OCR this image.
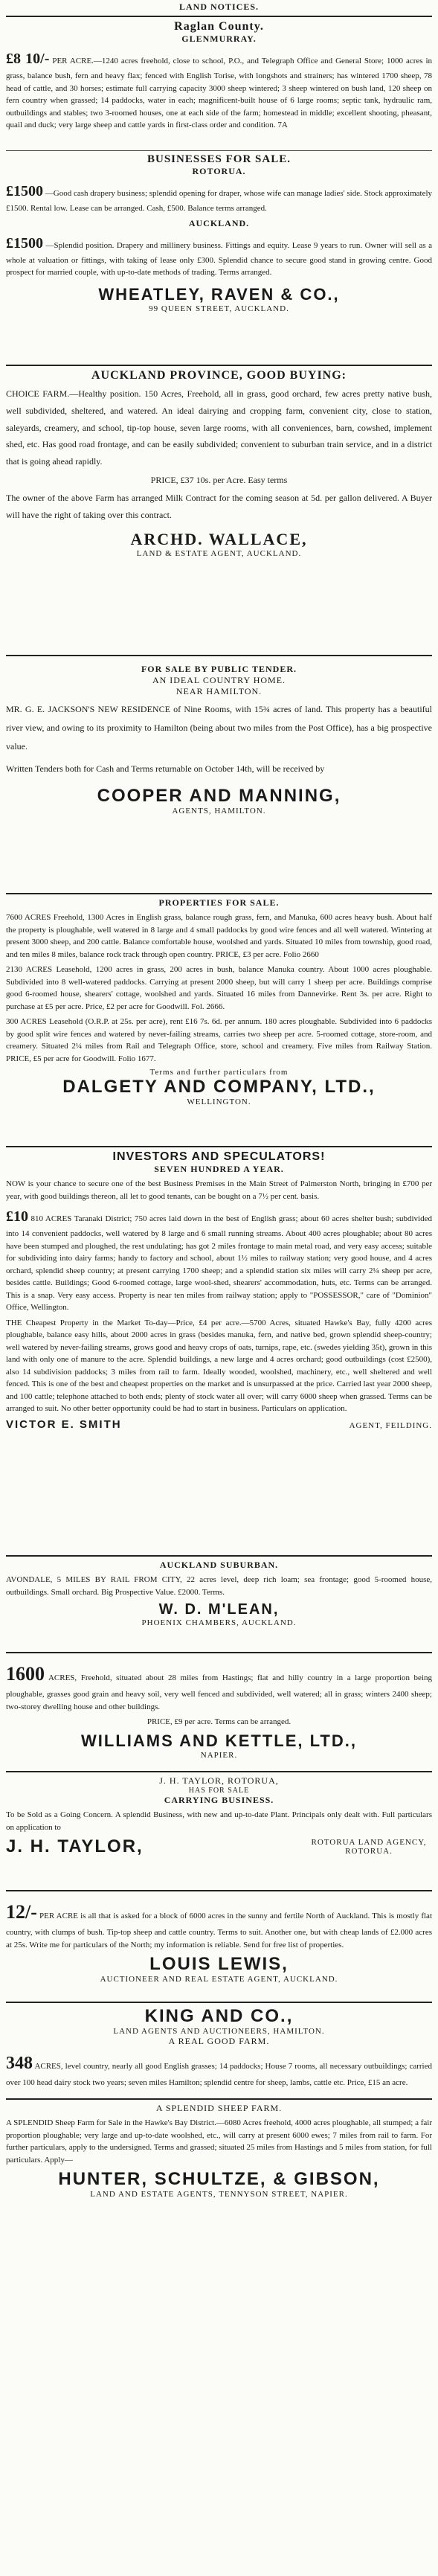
LAND NOTICES.
Raglan County.
GLENMURRAY.

£8 10/- PER ACRE.—1240 acres freehold, close to school, P.O., and Telegraph Office and General Store; 1000 acres in grass, balance bush, fern and heavy flax; fenced with English Torise, with longshots and strainers; has wintered 1700 sheep, 78 head of cattle, and 30 horses; estimate full carrying capacity 3000 sheep wintered; 3 sheep wintered on bush land, 120 sheep on fern country when grassed; 14 paddocks, water in each; magnificent-built house of 6 large rooms; septic tank, hydraulic ram, outbuildings and stables; two 3-roomed houses, one at each side of the farm; homestead in middle; excellent shooting, pheasant, quail and duck; very large sheep and cattle yards in first-class order and condition. 7A

BUSINESSES FOR SALE.
ROTORUA.

£1500 —Good cash drapery business; splendid opening for draper, whose wife can manage ladies' side. Stock approximately £1500. Rental low. Lease can be arranged. Cash, £500. Balance terms arranged.

AUCKLAND.

£1500 —Splendid position. Drapery and millinery business. Fittings and equity. Lease 9 years to run. Owner will sell as a whole at valuation or fittings, with taking of lease only £300. Splendid chance to secure good stand in growing centre. Good prospect for married couple, with up-to-date methods of trading. Terms arranged.

WHEATLEY, RAVEN & CO.,
99 QUEEN STREET, AUCKLAND.
AUCKLAND PROVINCE, GOOD BUYING:

CHOICE FARM.—Healthy position. 150 Acres, Freehold, all in grass, good orchard, few acres pretty native bush, well subdivided, sheltered, and watered. An ideal dairying and cropping farm, convenient city, close to station, saleyards, creamery, and school, tip-top house, seven large rooms, with all conveniences, barn, cowshed, implement shed, etc. Has good road frontage, and can be easily subdivided; convenient to suburban train service, and in a district that is going ahead rapidly.

PRICE, £37 10s. per Acre. Easy terms

The owner of the above Farm has arranged Milk Contract for the coming season at 5d. per gallon delivered. A Buyer will have the right of taking over this contract.

ARCHD. WALLACE,
LAND & ESTATE AGENT, AUCKLAND.
FOR SALE BY PUBLIC TENDER.
AN IDEAL COUNTRY HOME.
NEAR HAMILTON.

MR. G. E. JACKSON'S NEW RESIDENCE of Nine Rooms, with 15¾ acres of land. This property has a beautiful river view, and owing to its proximity to Hamilton (being about two miles from the Post Office), has a big prospective value.

Written Tenders both for Cash and Terms returnable on October 14th, will be received by

COOPER AND MANNING,
AGENTS, HAMILTON.
PROPERTIES FOR SALE.

7600 ACRES Freehold, 1300 Acres in English grass, balance rough grass, fern, and Manuka, 600 acres heavy bush. About half the property is ploughable, well watered in 8 large and 4 small paddocks by good wire fences and all well watered. Wintering at present 3000 sheep, and 200 cattle. Balance comfortable house, woolshed and yards. Situated 10 miles from township, good road, and ten miles 8 miles, balance rock track through open country. PRICE, £3 per acre. Folio 2660

2130 ACRES Leasehold, 1200 acres in grass, 200 acres in bush, balance Manuka country. About 1000 acres ploughable. Subdivided into 8 well-watered paddocks. Carrying at present 2000 sheep, but will carry 1 sheep per acre. Buildings comprise good 6-roomed house, shearers' cottage, woolshed and yards. Situated 16 miles from Dannevirke. Rent 3s. per acre. Right to purchase at £5 per acre. Price, £2 per acre for Goodwill. Fol. 2666.

300 ACRES Leasehold (O.R.P. at 25s. per acre), rent £16 7s. 6d. per annum. 180 acres ploughable. Subdivided into 6 paddocks by good split wire fences and watered by never-failing streams, carries two sheep per acre. 5-roomed cottage, store-room, and creamery. Situated 2¼ miles from Rail and Telegraph Office, store, school and creamery. Five miles from Railway Station. PRICE, £5 per acre for Goodwill. Folio 1677.

Terms and further particulars from
DALGETY AND COMPANY, LTD.,
WELLINGTON.
INVESTORS AND SPECULATORS!
SEVEN HUNDRED A YEAR.

NOW is your chance to secure one of the best Business Premises in the Main Street of Palmerston North, bringing in £700 per year, with good buildings thereon, all let to good tenants, can be bought on a 7½ per cent. basis.

£10 810 ACRES Taranaki District; 750 acres laid down in the best of English grass; about 60 acres shelter bush; subdivided into 14 convenient paddocks, well watered by 8 large and 6 small running streams. About 400 acres ploughable; about 80 acres have been stumped and ploughed, the rest undulating; has got 2 miles frontage to main metal road, and very easy access; suitable for subdividing into dairy farms; handy to factory and school, about 1½ miles to railway station; very good house, and 4 acres orchard, splendid sheep country; at present carrying 1700 sheep; and a splendid station six miles will carry 2¼ sheep per acre, besides cattle. Buildings; Good 6-roomed cottage, large wool-shed, shearers' accommodation, huts, etc. Terms can be arranged. This is a snap. Very easy access. Property is near ten miles from railway station; apply to "POSSESSOR," care of "Dominion" Office, Wellington.

THE Cheapest Property in the Market To-day—Price, £4 per acre.—5700 Acres, situated Hawke's Bay, fully 4200 acres ploughable, balance easy hills, about 2000 acres in grass (besides manuka, fern, and native bed, grown splendid sheep-country; well watered by never-failing streams, grows good and heavy crops of oats, turnips, rape, etc. (swedes yielding 35t), grown in this land with only one of manure to the acre. Splendid buildings, a new large and 4 acres orchard; good outbuildings (cost £2500), also 14 subdivision paddocks; 3 miles from rail to farm. Ideally wooded, woolshed, machinery, etc., well sheltered and well fenced. This is one of the best and cheapest properties on the market and is unsurpassed at the price. Carried last year 2000 sheep, and 100 cattle; telephone attached to both ends; plenty of stock water all over; will carry 6000 sheep when grassed. Terms can be arranged to suit. No other better opportunity could be had to start in business. Particulars on application.

VICTOR E. SMITH	AGENT, FEILDING.
AUCKLAND SUBURBAN.

AVONDALE, 5 MILES BY RAIL FROM CITY, 22 acres level, deep rich loam; sea frontage; good 5-roomed house, outbuildings. Small orchard. Big Prospective Value. £2000. Terms.

W. D. M'LEAN,
PHOENIX CHAMBERS, AUCKLAND.

1600 ACRES, Freehold, situated about 28 miles from Hastings; flat and hilly country in a large proportion being ploughable, grasses good grain and heavy soil, very well fenced and subdivided, well watered; all in grass; winters 2400 sheep; two-storey dwelling house and other buildings.

PRICE, £9 per acre. Terms can be arranged.

WILLIAMS AND KETTLE, LTD.,
NAPIER.
J. H. TAYLOR, ROTORUA,
HAS FOR SALE
CARRYING BUSINESS.

To be Sold as a Going Concern. A splendid Business, with new and up-to-date Plant. Principals only dealt with. Full particulars on application to

J. H. TAYLOR,	ROTORUA LAND AGENCY, ROTORUA.

12/- PER ACRE is all that is asked for a block of 6000 acres in the sunny and fertile North of Auckland. This is mostly flat country, with clumps of bush. Tip-top sheep and cattle country. Terms to suit. Another one, but with cheap lands of £2.000 acres at 25s. Write me for particulars of the North; my information is reliable. Send for free list of properties.

LOUIS LEWIS,
AUCTIONEER AND REAL ESTATE AGENT, AUCKLAND.
KING AND CO.,
LAND AGENTS AND AUCTIONEERS, HAMILTON.
A REAL GOOD FARM.

348 ACRES, level country, nearly all good English grasses; 14 paddocks; House 7 rooms, all necessary outbuildings; carried over 100 head dairy stock two years; seven miles Hamilton; splendid centre for sheep, lambs, cattle etc. Price, £15 an acre.

A SPLENDID SHEEP FARM.

A SPLENDID Sheep Farm for Sale in the Hawke's Bay District.—6080 Acres freehold, 4000 acres ploughable, all stumped; a fair proportion ploughable; very large and up-to-date woolshed, etc., will carry at present 6000 ewes; 7 miles from rail to farm. For further particulars, apply to the undersigned. Terms and grassed; situated 25 miles from Hastings and 5 miles from station, for full particulars. Apply—

HUNTER, SCHULTZE, & GIBSON,
LAND AND ESTATE AGENTS, TENNYSON STREET, NAPIER.
